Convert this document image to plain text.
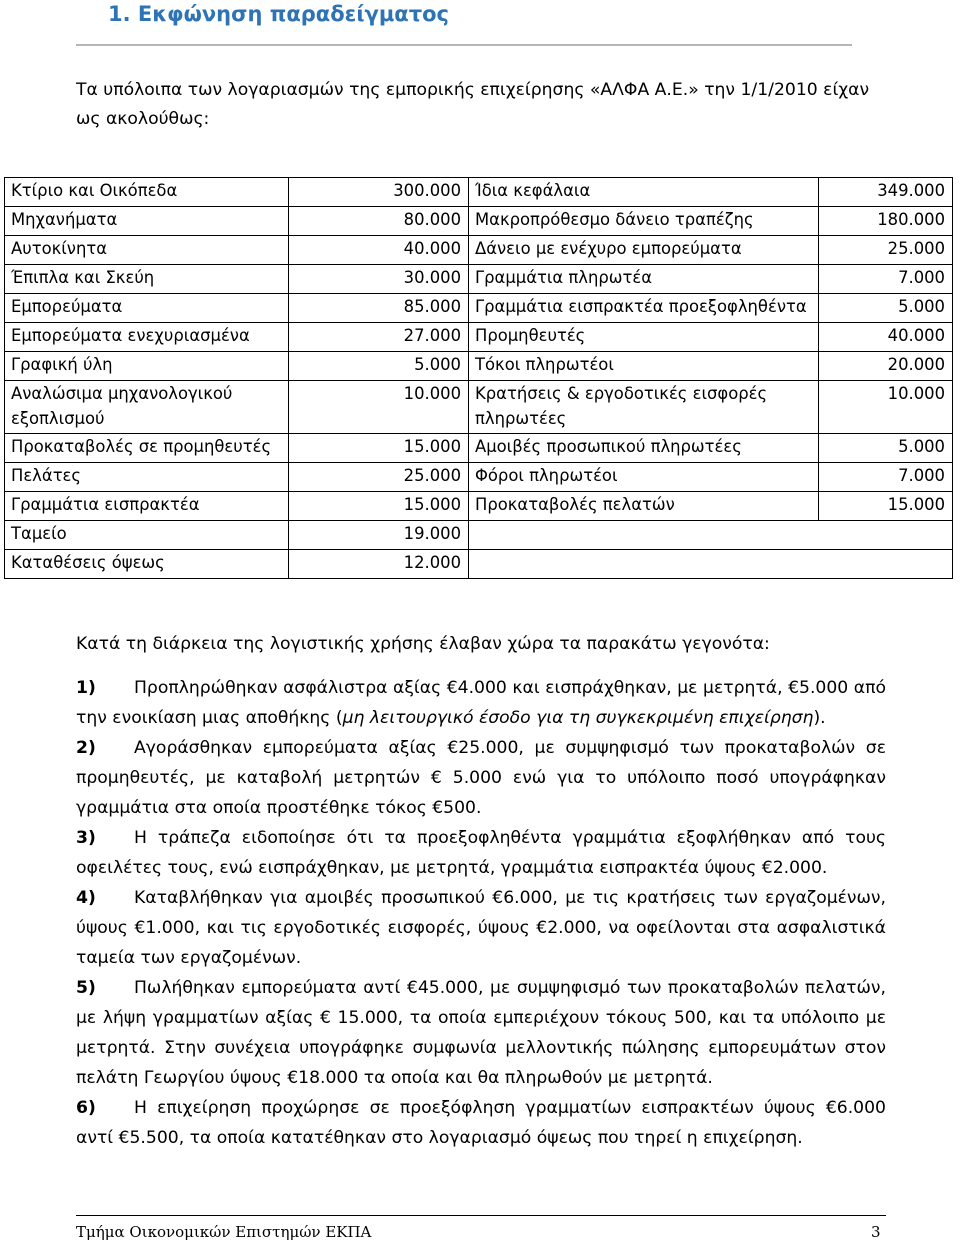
1. Εκφώνηση παραδείγματος
Τα υπόλοιπα των λογαριασμών της εμπορικής επιχείρησης «ΑΛΦΑ Α.Ε.» την 1/1/2010 είχαν ως ακολούθως:
Κτίριο και Οικόπεδα	300.000	Ίδια κεφάλαια	349.000
Μηχανήματα	80.000	Μακροπρόθεσμο δάνειο τραπέζης	180.000
Αυτοκίνητα	40.000	Δάνειο με ενέχυρο εμπορεύματα	25.000
Έπιπλα και Σκεύη	30.000	Γραμμάτια πληρωτέα	7.000
Εμπορεύματα	85.000	Γραμμάτια εισπρακτέα προεξοφληθέντα	5.000
Εμπορεύματα ενεχυριασμένα	27.000	Προμηθευτές	40.000
Γραφική ύλη	5.000	Τόκοι πληρωτέοι	20.000
Αναλώσιμα μηχανολογικού εξοπλισμού	10.000	Κρατήσεις & εργοδοτικές εισφορές πληρωτέες	10.000
Προκαταβολές σε προμηθευτές	15.000	Αμοιβές προσωπικού πληρωτέες	5.000
Πελάτες	25.000	Φόροι πληρωτέοι	7.000
Γραμμάτια εισπρακτέα	15.000	Προκαταβολές πελατών	15.000
Ταμείο	19.000		
Καταθέσεις όψεως	12.000		
Κατά τη διάρκεια της λογιστικής χρήσης έλαβαν χώρα τα παρακάτω γεγονότα:

1) Προπληρώθηκαν ασφάλιστρα αξίας €4.000 και εισπράχθηκαν, με μετρητά, €5.000 από την ενοικίαση μιας αποθήκης (μη λειτουργικό έσοδο για τη συγκεκριμένη επιχείρηση).

2) Αγοράσθηκαν εμπορεύματα αξίας €25.000, με συμψηφισμό των προκαταβολών σε προμηθευτές, με καταβολή μετρητών € 5.000 ενώ για το υπόλοιπο ποσό υπογράφηκαν γραμμάτια στα οποία προστέθηκε τόκος €500.

3) Η τράπεζα ειδοποίησε ότι τα προεξοφληθέντα γραμμάτια εξοφλήθηκαν από τους οφειλέτες τους, ενώ εισπράχθηκαν, με μετρητά, γραμμάτια εισπρακτέα ύψους €2.000.

4) Καταβλήθηκαν για αμοιβές προσωπικού €6.000, με τις κρατήσεις των εργαζομένων, ύψους €1.000, και τις εργοδοτικές εισφορές, ύψους €2.000, να οφείλονται στα ασφαλιστικά ταμεία των εργαζομένων.

5) Πωλήθηκαν εμπορεύματα αντί €45.000, με συμψηφισμό των προκαταβολών πελατών, με λήψη γραμματίων αξίας € 15.000, τα οποία εμπεριέχουν τόκους 500, και τα υπόλοιπο με μετρητά. Στην συνέχεια υπογράφηκε συμφωνία μελλοντικής πώλησης εμπορευμάτων στον πελάτη Γεωργίου ύψους €18.000 τα οποία και θα πληρωθούν με μετρητά.

6) Η επιχείρηση προχώρησε σε προεξόφληση γραμματίων εισπρακτέων ύψους €6.000 αντί €5.500, τα οποία κατατέθηκαν στο λογαριασμό όψεως που τηρεί η επιχείρηση.

Τμήμα Οικονομικών Επιστημών ΕΚΠΑ	3
